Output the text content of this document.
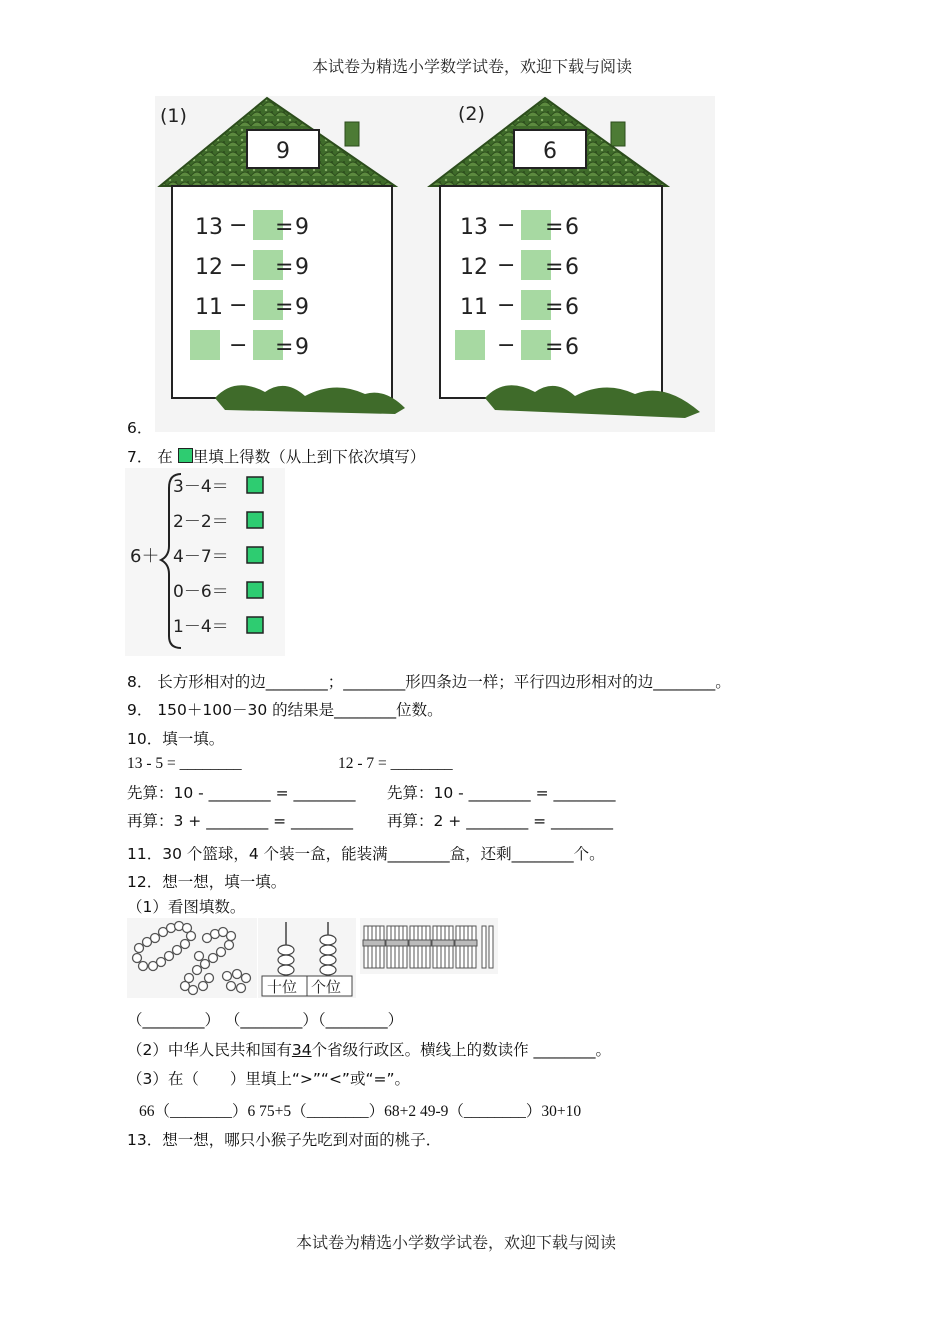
本试卷为精选小学数学试卷，欢迎下载与阅读
(1)
9
13 − 9
=
12 − 9
=
11 − 9
=
− 9
=
(2)
6
13 − 6
=
12 − 6
=
11 − 6
=
− 6
=
6．
7． 在 里填上得数（从上到下依次填写）
6＋
3－4＝
2－2＝
4－7＝
0－6＝
1－4＝
8． 长方形相对的边________；________形四条边一样；平行四边形相对的边________。
9． 150＋100－30 的结果是________位数。
10．填一填。
13 - 5 = ________	12 - 7 = ________
先算：10 - ________ = ________ 先算：10 - ________ = ________
再算：3 + ________ = ________ 再算：2 + ________ = ________
11．30 个篮球，4 个装一盒，能装满________盒，还剩________个。
12．想一想，填一填。
（1）看图填数。
十位 个位
（________） （________）（________）
（2）中华人民共和国有34个省级行政区。横线上的数读作 ________。
（3）在（　　）里填上“>”“<”或“=”。
66（________）6 75+5（________）68+2 49-9（________）30+10
13．想一想，哪只小猴子先吃到对面的桃子．
本试卷为精选小学数学试卷，欢迎下载与阅读
